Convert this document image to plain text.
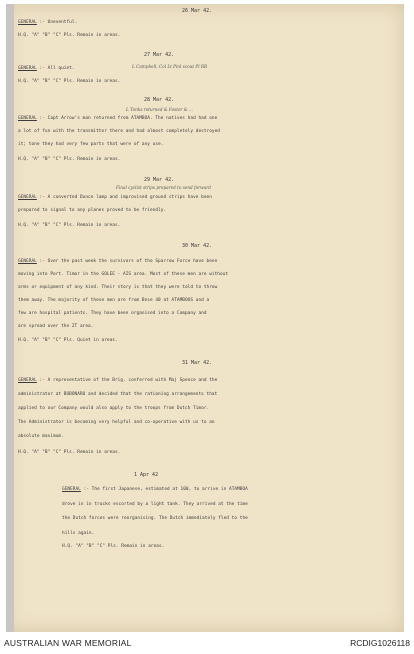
26 Mar 42.
GENERAL :- Uneventful.
H.Q. "A" "B" "C" Pls. Remain in areas.
27 Mar 42.
GENERAL :- All quiet.	L Campbell, Col Lt Pinl scout Pl RB
H.Q. "A" "B" "C" Pls. Remain in areas.
28 Mar 42.
L Tonks returned & Foster & ...
GENERAL :- Capt Arrow's man returned from ATAMBOA. The natives had had one
a lot of fun with the transmitter there and had almost completely destroyed
it; tone they had very few parts that were of any use.
H.Q. "A" "B" "C" Pls. Remain in areas.
29 Mar 42.
Final cyclist strips prepared to send forward
GENERAL :- A converted Dunce lamp and improvised ground strips have been
prepared to signal to any planes proved to be friendly.
H.Q. "A" "B" "C" Pls. Remain in areas.
30 Mar 42.
GENERAL :- Over the past week the survivors of the Sparrow Force have been
moving into Port. Timor in the GOLEE - AIS area. Most of these men are without
arms or equipment of any kind. Their story is that they were told to throw
them away. The majority of these men are from Bnse 40 at ATAMBOOS and a
few are hospital patients. They have been organised into a Company and
are spread over the 2T area.
H.Q. "A" "B" "C" Pls. Quiet in areas.
31 Mar 42.
GENERAL :- A representative of the Brig. conferred with Maj Spence and the
administrator at BOBONARO and decided that the rationing arrangements that
applied to our Company would also apply to the troops from Dutch Timor.
The Administrator is becoming very helpful and co-operative with us to an
absolute maximum.
H.Q. "A" "B" "C" Pls. Remain in areas.
1 Apr 42
GENERAL :- The first Japanese, estimated at 100, to arrive in ATAMBOA
drove in in trucks escorted by a light tank. They arrived at the time
the Dutch forces were reorganising. The Dutch immediately fled to the
hills again.
H.Q. "A" "B" "C" Pls. Remain in areas.
AUSTRALIAN WAR MEMORIAL	RCDIG1026118
